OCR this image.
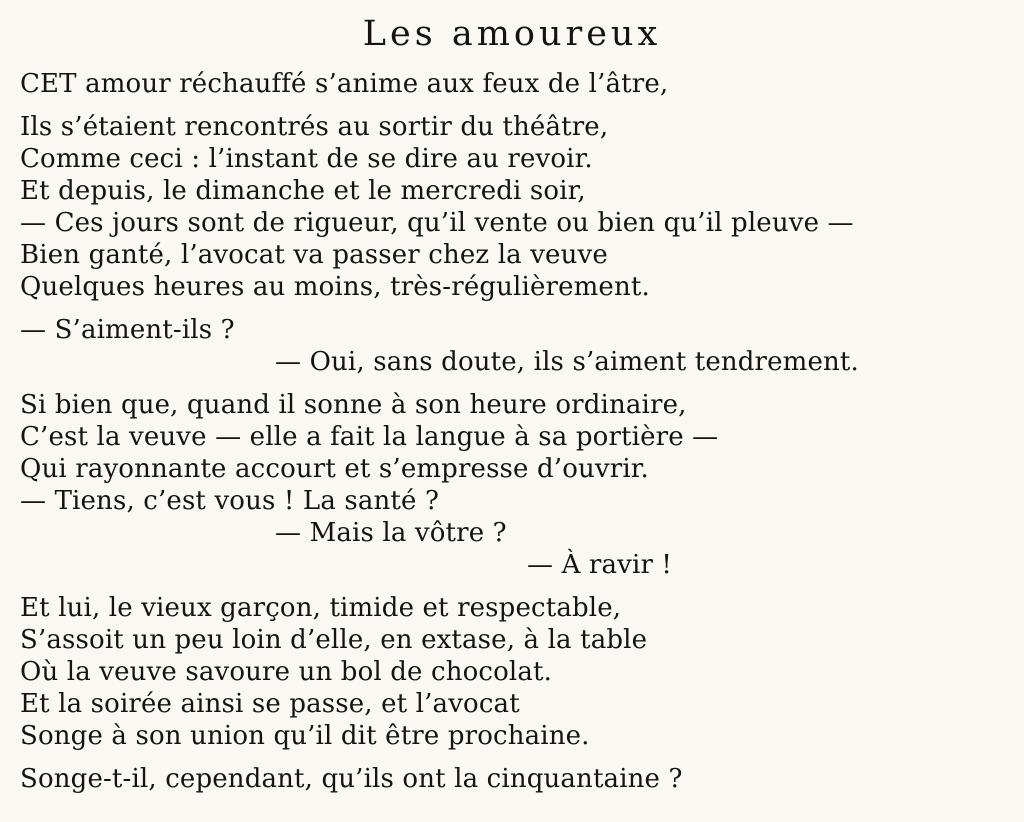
Les amoureux
CET amour réchauffé s’anime aux feux de l’âtre,
Ils s’étaient rencontrés au sortir du théâtre,
Comme ceci : l’instant de se dire au revoir.
Et depuis, le dimanche et le mercredi soir,
— Ces jours sont de rigueur, qu’il vente ou bien qu’il pleuve —
Bien ganté, l’avocat va passer chez la veuve
Quelques heures au moins, très-régulièrement.
— S’aiment-ils ?
— Oui, sans doute, ils s’aiment tendrement.
Si bien que, quand il sonne à son heure ordinaire,
C’est la veuve — elle a fait la langue à sa portière —
Qui rayonnante accourt et s’empresse d’ouvrir.
— Tiens, c’est vous ! La santé ?
— Mais la vôtre ?
— À ravir !
Et lui, le vieux garçon, timide et respectable,
S’assoit un peu loin d’elle, en extase, à la table
Où la veuve savoure un bol de chocolat.
Et la soirée ainsi se passe, et l’avocat
Songe à son union qu’il dit être prochaine.
Songe-t-il, cependant, qu’ils ont la cinquantaine ?
